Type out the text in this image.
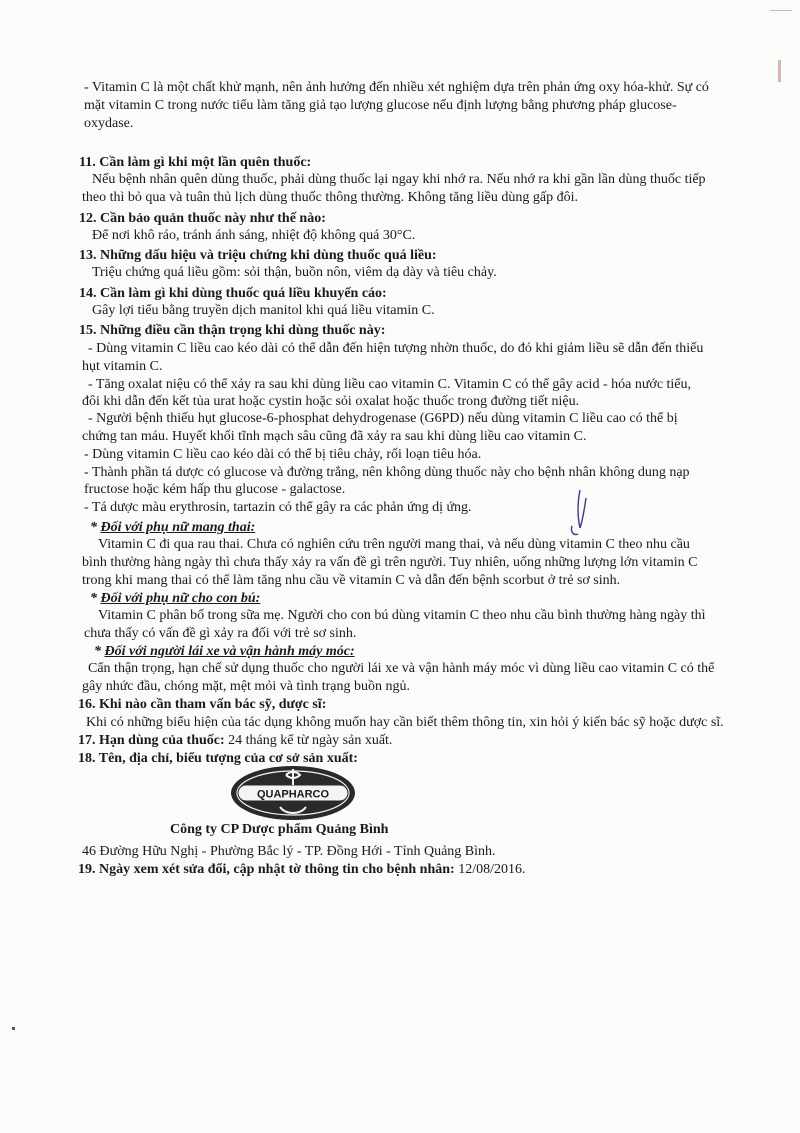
- Vitamin C là một chất khử mạnh, nên ảnh hưởng đến nhiều xét nghiệm dựa trên phản ứng oxy hóa-khử. Sự có
mặt vitamin C trong nước tiểu làm tăng giả tạo lượng glucose nếu định lượng bằng phương pháp glucose-
oxydase.
11. Cần làm gì khi một lần quên thuốc:
Nếu bệnh nhân quên dùng thuốc, phải dùng thuốc lại ngay khi nhớ ra. Nếu nhớ ra khi gần lần dùng thuốc tiếp
theo thì bỏ qua và tuân thủ lịch dùng thuốc thông thường. Không tăng liều dùng gấp đôi.
12. Cần bảo quản thuốc này như thế nào:
Để nơi khô ráo, tránh ánh sáng, nhiệt độ không quá 30°C.
13. Những dấu hiệu và triệu chứng khi dùng thuốc quá liều:
Triệu chứng quá liều gồm: sỏi thận, buồn nôn, viêm dạ dày và tiêu chảy.
14. Cần làm gì khi dùng thuốc quá liều khuyến cáo:
Gây lợi tiểu bằng truyền dịch manitol khi quá liều vitamin C.
15. Những điều cần thận trọng khi dùng thuốc này:
- Dùng vitamin C liều cao kéo dài có thể dẫn đến hiện tượng nhờn thuốc, do đó khi giảm liều sẽ dẫn đến thiếu
hụt vitamin C.
- Tăng oxalat niệu có thể xảy ra sau khi dùng liều cao vitamin C. Vitamin C có thể gây acid - hóa nước tiểu,
đôi khi dẫn đến kết tủa urat hoặc cystin hoặc sỏi oxalat hoặc thuốc trong đường tiết niệu.
- Người bệnh thiếu hụt glucose-6-phosphat dehydrogenase (G6PD) nếu dùng vitamin C liều cao có thể bị
chứng tan máu. Huyết khối tĩnh mạch sâu cũng đã xảy ra sau khi dùng liều cao vitamin C.
- Dùng vitamin C liều cao kéo dài có thể bị tiêu chảy, rối loạn tiêu hóa.
- Thành phần tá dược có glucose và đường trắng, nên không dùng thuốc này cho bệnh nhân không dung nạp
fructose hoặc kém hấp thu glucose - galactose.
- Tá dược màu erythrosin, tartazin có thể gây ra các phản ứng dị ứng.
* Đối với phụ nữ mang thai:
Vitamin C đi qua rau thai. Chưa có nghiên cứu trên người mang thai, và nếu dùng vitamin C theo nhu cầu
bình thường hàng ngày thì chưa thấy xảy ra vấn đề gì trên người. Tuy nhiên, uống những lượng lớn vitamin C
trong khi mang thai có thể làm tăng nhu cầu về vitamin C và dẫn đến bệnh scorbut ở trẻ sơ sinh.
* Đối với phụ nữ cho con bú:
Vitamin C phân bố trong sữa mẹ. Người cho con bú dùng vitamin C theo nhu cầu bình thường hàng ngày thì
chưa thấy có vấn đề gì xảy ra đối với trẻ sơ sinh.
* Đối với người lái xe và vận hành máy móc:
Cẩn thận trọng, hạn chế sử dụng thuốc cho người lái xe và vận hành máy móc vì dùng liều cao vitamin C có thể
gây nhức đầu, chóng mặt, mệt mỏi và tình trạng buồn ngủ.
16. Khi nào cần tham vấn bác sỹ, dược sĩ:
Khi có những biểu hiện của tác dụng không muốn hay cần biết thêm thông tin, xin hỏi ý kiến bác sỹ hoặc dược sĩ.
17. Hạn dùng của thuốc: 24 tháng kể từ ngày sản xuất.
18. Tên, địa chỉ, biểu tượng của cơ sở sản xuất:
QUAPHARCO
Công ty CP Dược phẩm Quảng Bình
46 Đường Hữu Nghị - Phường Bắc lý - TP. Đồng Hới - Tỉnh Quảng Bình.
19. Ngày xem xét sửa đổi, cập nhật tờ thông tin cho bệnh nhân: 12/08/2016.
